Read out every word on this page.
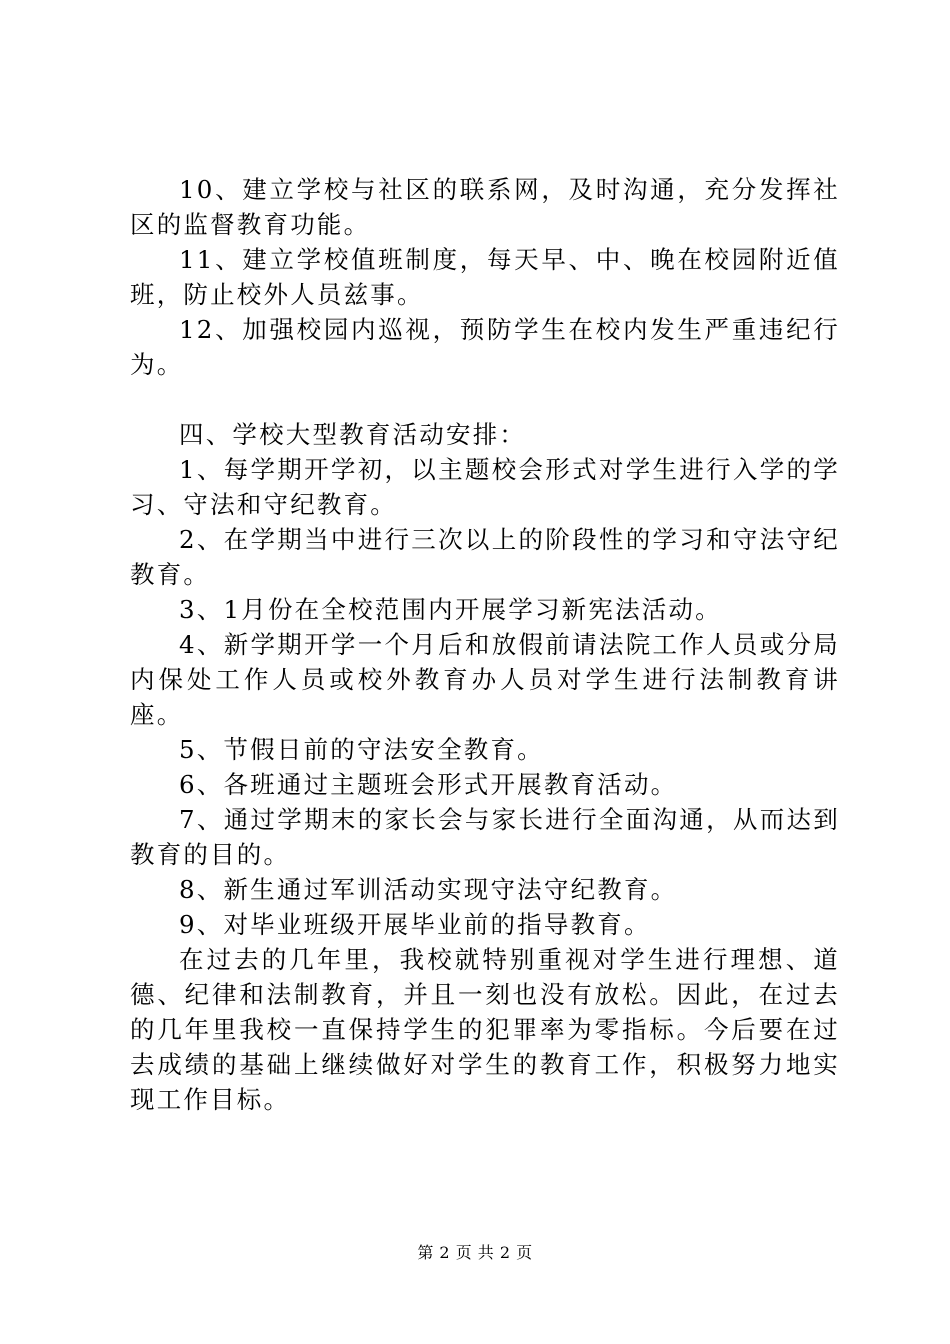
10、建立学校与社区的联系网，及时沟通，充分发挥社区的监督教育功能。

11、建立学校值班制度，每天早、中、晚在校园附近值班，防止校外人员兹事。

12、加强校园内巡视，预防学生在校内发生严重违纪行为。

四、学校大型教育活动安排：

1、每学期开学初，以主题校会形式对学生进行入学的学习、守法和守纪教育。

2、在学期当中进行三次以上的阶段性的学习和守法守纪教育。

3、1月份在全校范围内开展学习新宪法活动。

4、新学期开学一个月后和放假前请法院工作人员或分局内保处工作人员或校外教育办人员对学生进行法制教育讲座。

5、节假日前的守法安全教育。

6、各班通过主题班会形式开展教育活动。

7、通过学期末的家长会与家长进行全面沟通，从而达到教育的目的。

8、新生通过军训活动实现守法守纪教育。

9、对毕业班级开展毕业前的指导教育。

在过去的几年里，我校就特别重视对学生进行理想、道德、纪律和法制教育，并且一刻也没有放松。因此，在过去的几年里我校一直保持学生的犯罪率为零指标。今后要在过去成绩的基础上继续做好对学生的教育工作，积极努力地实现工作目标。

第 2 页 共 2 页
